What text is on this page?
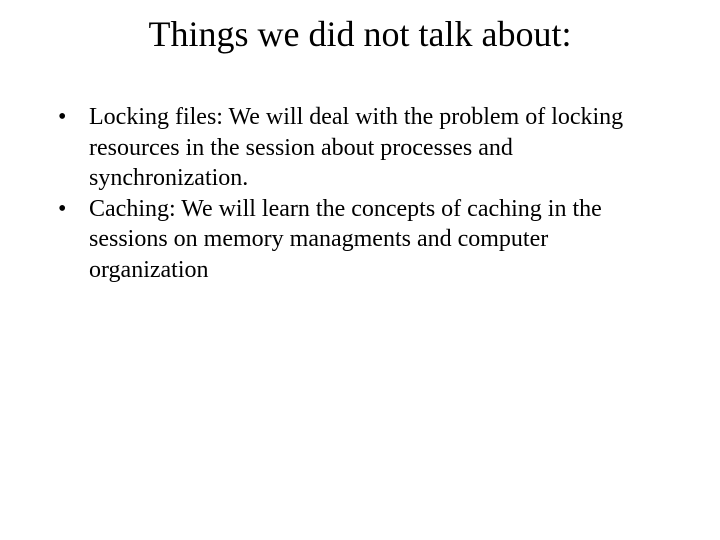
Things we did not talk about:
• Locking files: We will deal with the problem of locking resources in the session about processes and synchronization.
• Caching: We will learn the concepts of caching in the sessions on memory managments and computer organization
